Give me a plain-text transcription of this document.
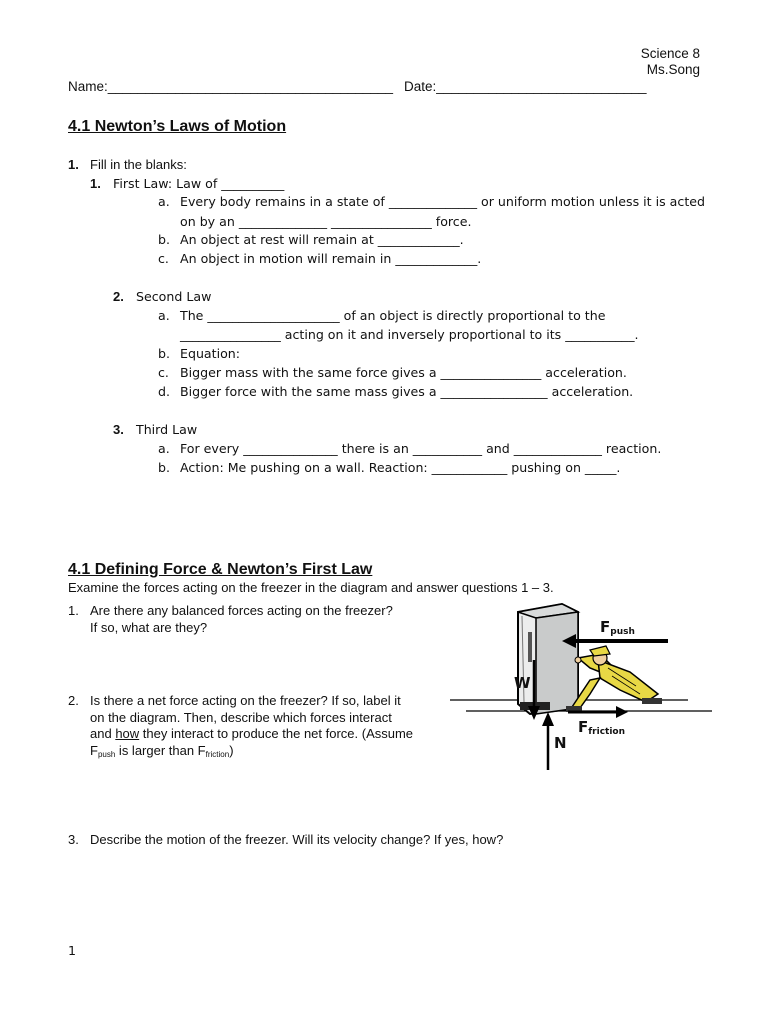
Science 8
Ms.Song
Name:______________________________________ Date:____________________________
4.1 Newton’s Laws of Motion
1. Fill in the blanks:
1. First Law: Law of __________
a. Every body remains in a state of ______________ or uniform motion unless it is acted
on by an ______________ ________________ force.
b. An object at rest will remain at _____________.
c. An object in motion will remain in _____________.
2. Second Law
a. The _____________________ of an object is directly proportional to the
________________ acting on it and inversely proportional to its ___________.
b. Equation:
c. Bigger mass with the same force gives a ________________ acceleration.
d. Bigger force with the same mass gives a _________________ acceleration.
3. Third Law
a. For every _______________ there is an ___________ and ______________ reaction.
b. Action: Me pushing on a wall. Reaction: ____________ pushing on _____.
4.1 Defining Force & Newton’s First Law
Examine the forces acting on the freezer in the diagram and answer questions 1 – 3.
1. Are there any balanced forces acting on the freezer?
If so, what are they?
2. Is there a net force acting on the freezer? If so, label it
on the diagram. Then, describe which forces interact
and how they interact to produce the net force. (Assume
$F_{push}$ is larger than $F_{friction}$)
3. Describe the motion of the freezer. Will its velocity change? If yes, how?
$F_{push}$
W
$F_{friction}$
N
1
